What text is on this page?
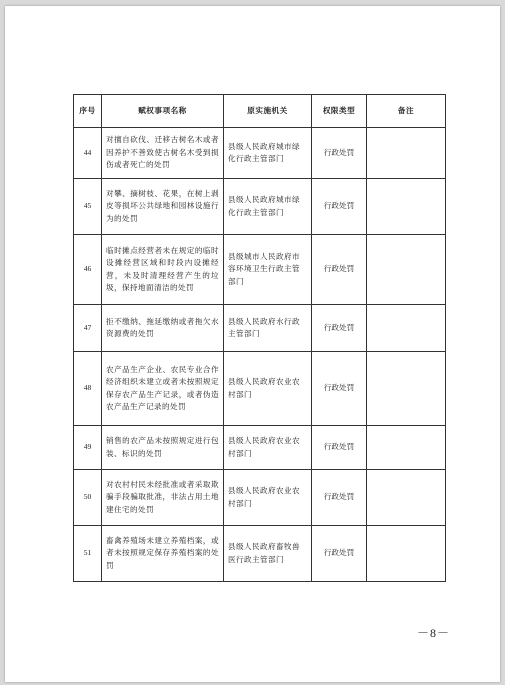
序号	赋权事项名称	原实施机关	权限类型	备注
44	对擅自砍伐、迁移古树名木或者因养护不善致使古树名木受到损伤或者死亡的处罚	县级人民政府城市绿化行政主管部门	行政处罚	
45	对攀、摘树枝、花果，在树上剥皮等损坏公共绿地和园林设施行为的处罚	县级人民政府城市绿化行政主管部门	行政处罚	
46	临时摊点经营者未在规定的临时设摊经营区域和时段内设摊经营，未及时清理经营产生的垃圾，保持地面清洁的处罚	县级城市人民政府市容环境卫生行政主管部门	行政处罚	
47	拒不缴纳、拖延缴纳或者拖欠水资源费的处罚	县级人民政府水行政主管部门	行政处罚	
48	农产品生产企业、农民专业合作经济组织未建立或者未按照规定保存农产品生产记录，或者伪造农产品生产记录的处罚	县级人民政府农业农村部门	行政处罚	
49	销售的农产品未按照规定进行包装、标识的处罚	县级人民政府农业农村部门	行政处罚	
50	对农村村民未经批准或者采取欺骗手段骗取批准，非法占用土地建住宅的处罚	县级人民政府农业农村部门	行政处罚	
51	畜禽养殖场未建立养殖档案，或者未按照规定保存养殖档案的处罚	县级人民政府畜牧兽医行政主管部门	行政处罚	
－8－
